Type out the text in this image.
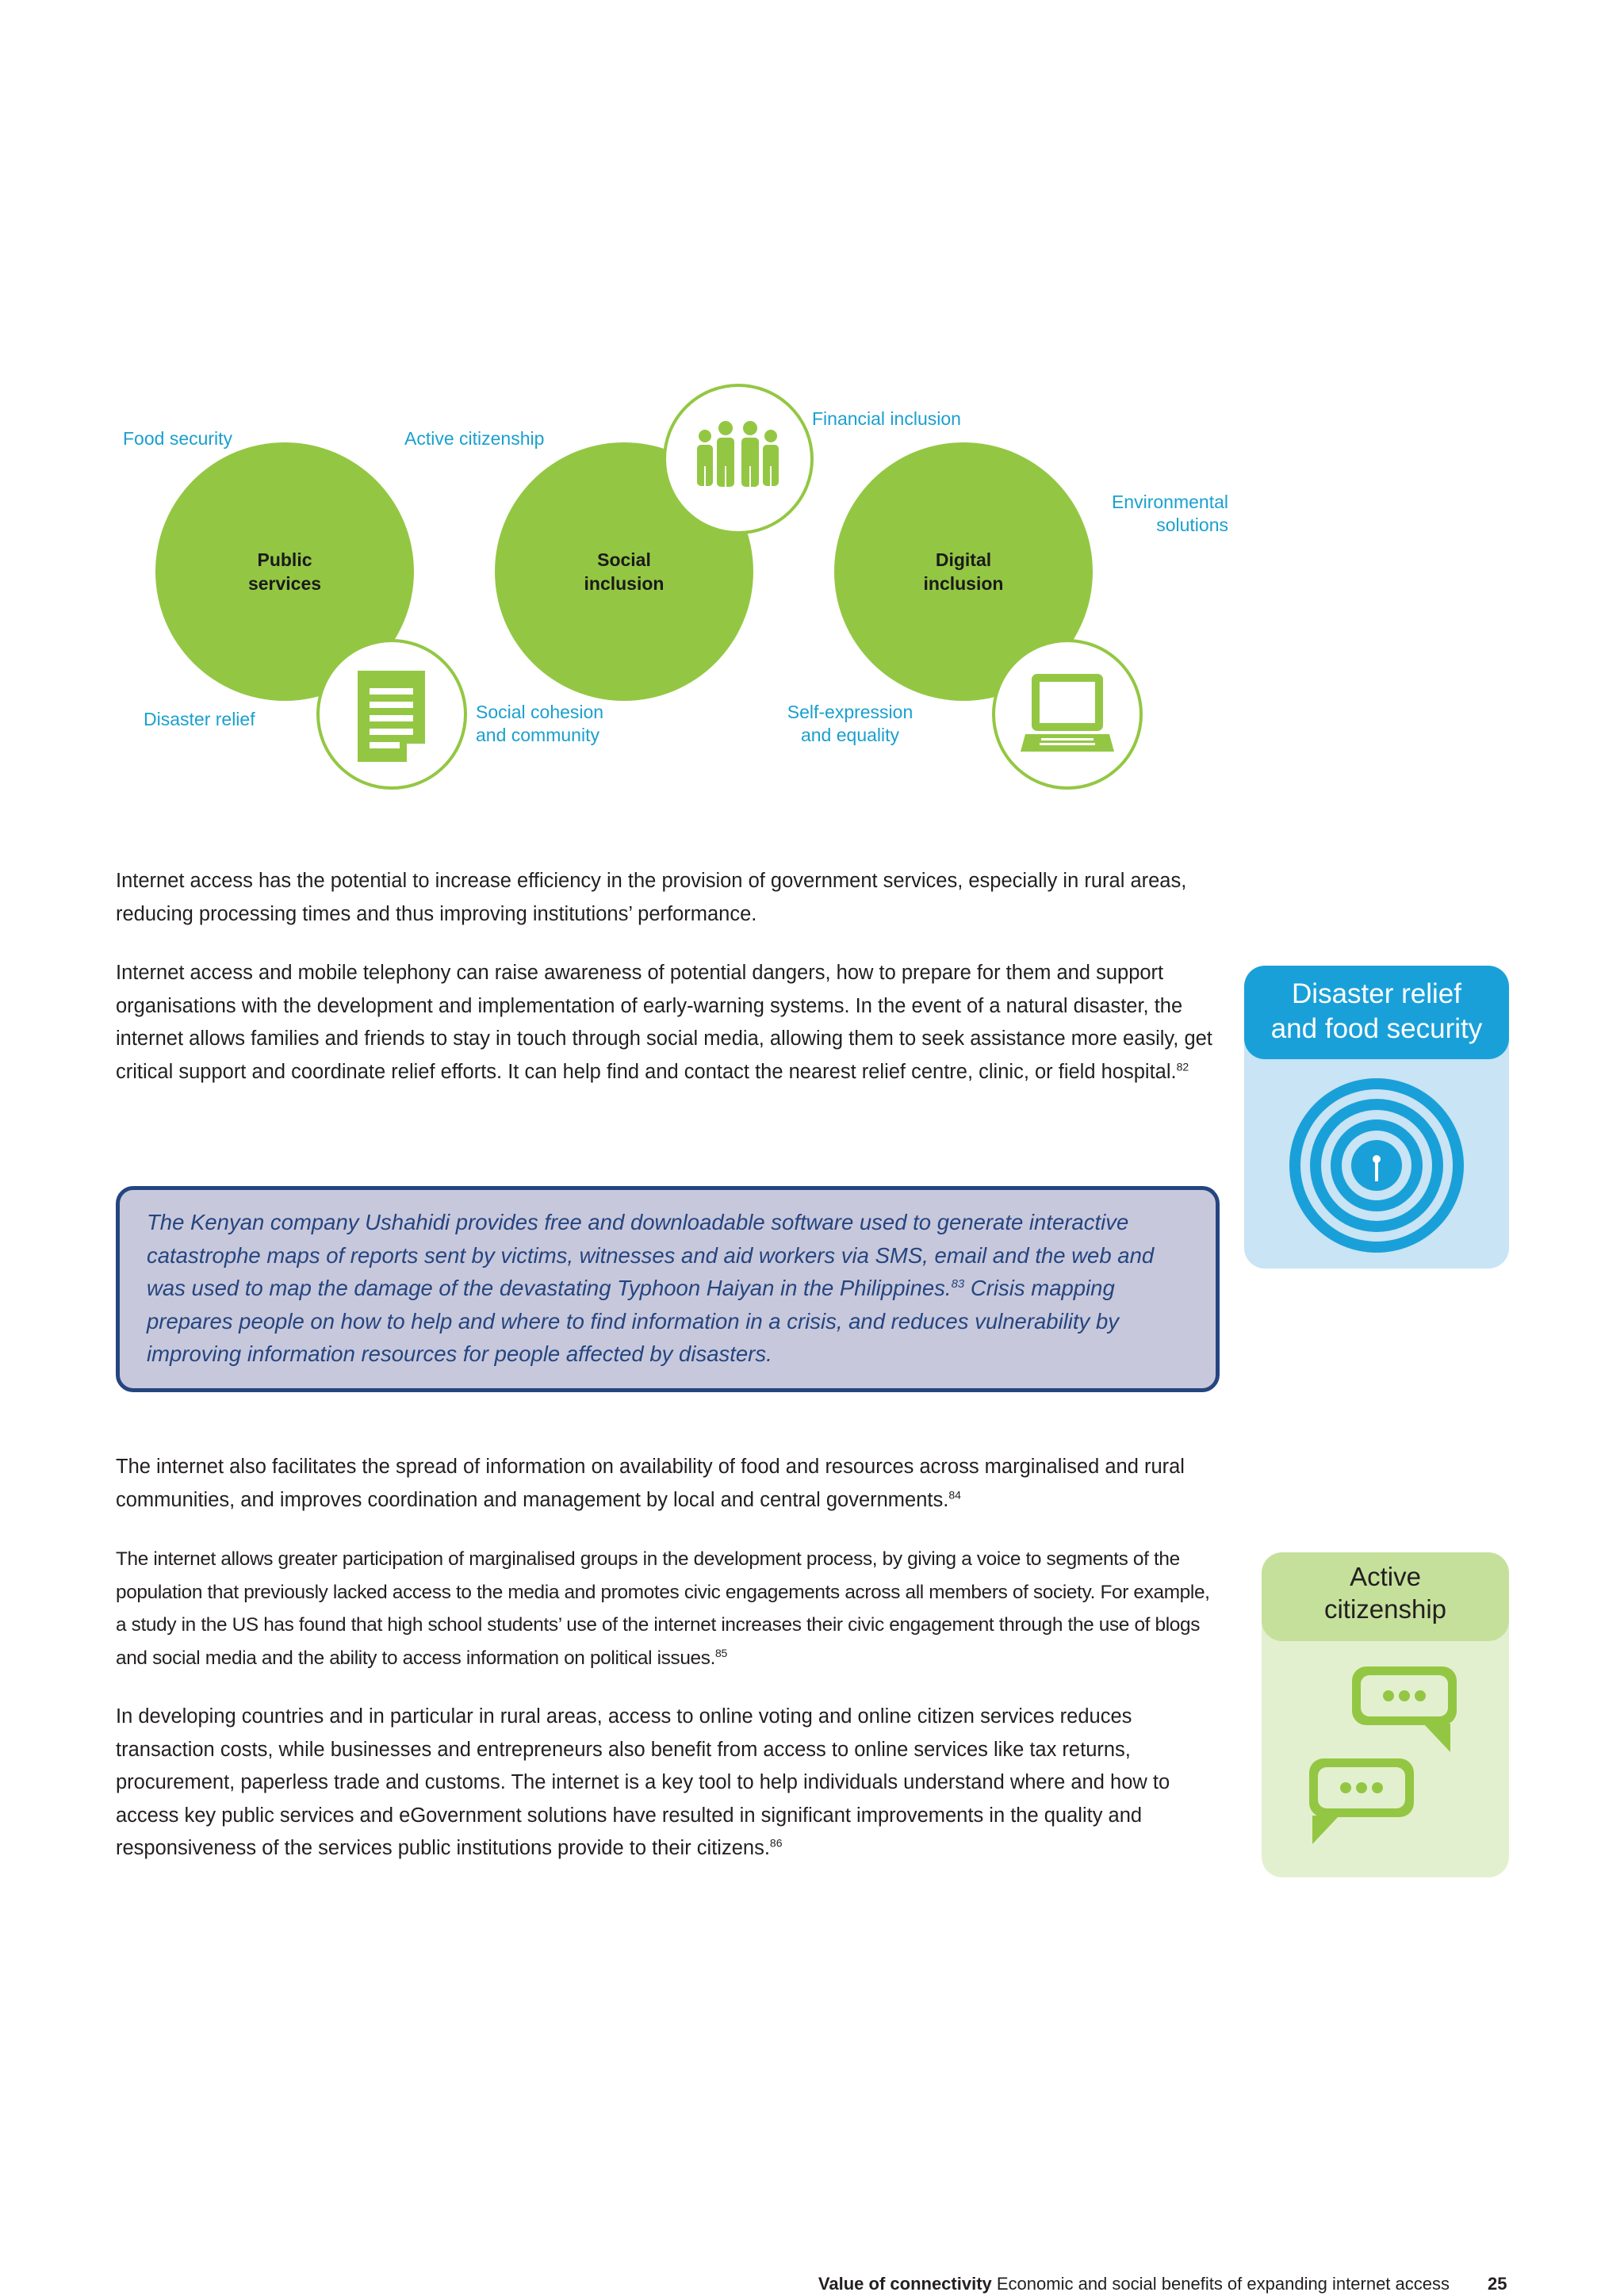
Public
services
Social
inclusion
Digital
inclusion
Food security	Active citizenship
Financial inclusion
Environmental
solutions
Disaster relief	Social cohesion
and community
Self-expression
and equality
Internet access has the potential to increase efficiency in the provision of government services, especially in rural areas, reducing processing times and thus improving institutions’ performance.
Internet access and mobile telephony can raise awareness of potential dangers, how to prepare for them and support organisations with the development and implementation of early-warning systems. In the event of a natural disaster, the internet allows families and friends to stay in touch through social media, allowing them to seek assistance more easily, get critical support and coordinate relief efforts. It can help find and contact the nearest relief centre, clinic, or field hospital.$^{82}$

The Kenyan company Ushahidi provides free and downloadable software used to generate interactive catastrophe maps of reports sent by victims, witnesses and aid workers via SMS, email and the web and was used to map the damage of the devastating Typhoon Haiyan in the Philippines.$^{83}$ Crisis mapping prepares people on how to help and where to find information in a crisis, and reduces vulnerability by improving information resources for people affected by disasters.

The internet also facilitates the spread of information on availability of food and resources across marginalised and rural communities, and improves coordination and management by local and central governments.$^{84}$
The internet allows greater participation of marginalised groups in the development process, by giving a voice to segments of the population that previously lacked access to the media and promotes civic engagements across all members of society. For example, a study in the US has found that high school students’ use of the internet increases their civic engagement through the use of blogs and social media and the ability to access information on political issues.$^{85}$
In developing countries and in particular in rural areas, access to online voting and online citizen services reduces transaction costs, while businesses and entrepreneurs also benefit from access to online services like tax returns, procurement, paperless trade and customs. The internet is a key tool to help individuals understand where and how to access key public services and eGovernment solutions have resulted in significant improvements in the quality and responsiveness of the services public institutions provide to their citizens.$^{86}$
Disaster relief
and food security
Active
citizenship
Value of connectivity Economic and social benefits of expanding internet access 25
